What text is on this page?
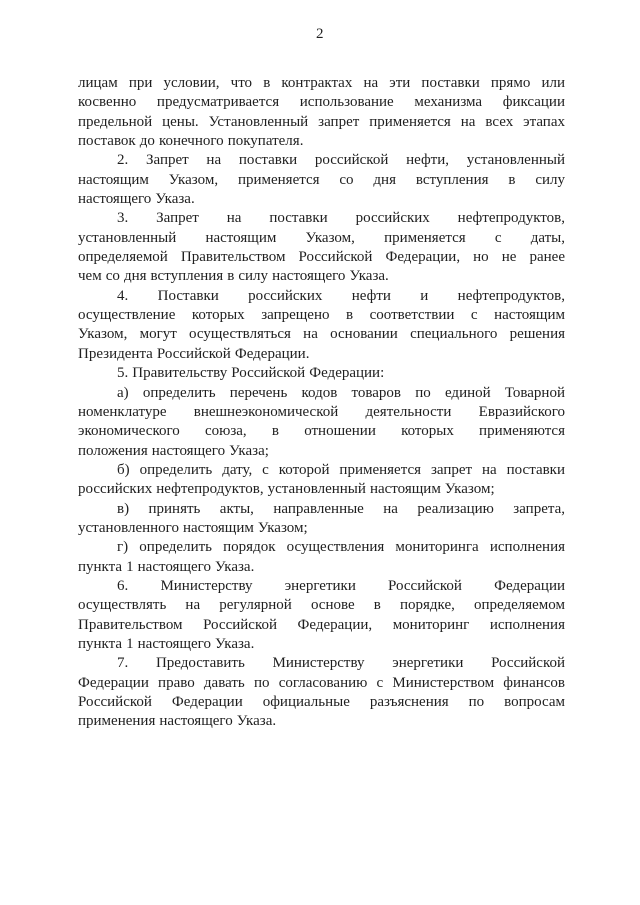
2
лицам при условии, что в контрактах на эти поставки прямо или
косвенно предусматривается использование механизма фиксации
предельной цены. Установленный запрет применяется на всех этапах
поставок до конечного покупателя.
2. Запрет на поставки российской нефти, установленный
настоящим Указом, применяется со дня вступления в силу
настоящего Указа.
3. Запрет на поставки российских нефтепродуктов,
установленный настоящим Указом, применяется с даты,
определяемой Правительством Российской Федерации, но не ранее
чем со дня вступления в силу настоящего Указа.
4. Поставки российских нефти и нефтепродуктов,
осуществление которых запрещено в соответствии с настоящим
Указом, могут осуществляться на основании специального решения
Президента Российской Федерации.
5. Правительству Российской Федерации:
а) определить перечень кодов товаров по единой Товарной
номенклатуре внешнеэкономической деятельности Евразийского
экономического союза, в отношении которых применяются
положения настоящего Указа;
б) определить дату, с которой применяется запрет на поставки
российских нефтепродуктов, установленный настоящим Указом;
в) принять акты, направленные на реализацию запрета,
установленного настоящим Указом;
г) определить порядок осуществления мониторинга исполнения
пункта 1 настоящего Указа.
6. Министерству энергетики Российской Федерации
осуществлять на регулярной основе в порядке, определяемом
Правительством Российской Федерации, мониторинг исполнения
пункта 1 настоящего Указа.
7. Предоставить Министерству энергетики Российской
Федерации право давать по согласованию с Министерством финансов
Российской Федерации официальные разъяснения по вопросам
применения настоящего Указа.
